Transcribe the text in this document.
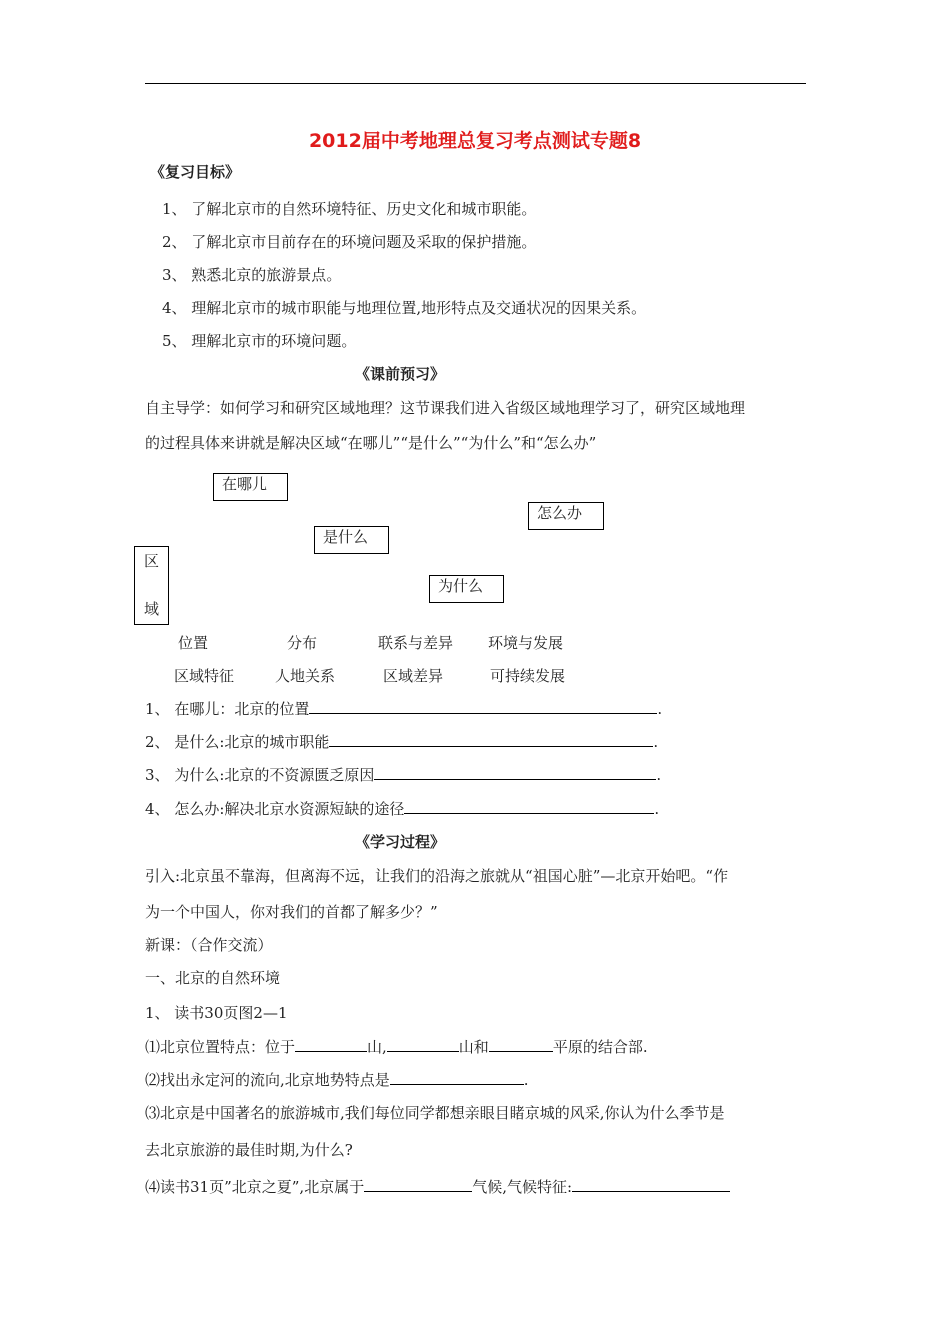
2012届中考地理总复习考点测试专题8
《复习目标》
1、 了解北京市的自然环境特征、历史文化和城市职能。
2、 了解北京市目前存在的环境问题及采取的保护措施。
3、 熟悉北京的旅游景点。
4、 理解北京市的城市职能与地理位置,地形特点及交通状况的因果关系。
5、 理解北京市的环境问题。
《课前预习》
自主导学：如何学习和研究区域地理？这节课我们进入省级区域地理学习了，研究区域地理
的过程具体来讲就是解决区域“在哪儿”“是什么”“为什么”和“怎么办”
在哪儿
怎么办
是什么
为什么
区
域
位置	分布	联系与差异 环境与发展
区域特征	人地关系	区域差异	可持续发展
1、 在哪儿：北京的位置	.
2、 是什么:北京的城市职能	.
3、 为什么:北京的不资源匮乏原因	.
4、 怎么办:解决北京水资源短缺的途径	.
《学习过程》
引入:北京虽不靠海，但离海不远，让我们的沿海之旅就从“祖国心脏”—北京开始吧。“作
为一个中国人，你对我们的首都了解多少？”
新课：（合作交流）
一、北京的自然环境
1、 读书30页图2—1
⑴北京位置特点：位于	山,	山和	平原的结合部.
⑵找出永定河的流向,北京地势特点是	.
⑶北京是中国著名的旅游城市,我们每位同学都想亲眼目睹京城的风采,你认为什么季节是
去北京旅游的最佳时期,为什么?
⑷读书31页”北京之夏”,北京属于	气候,气候特征:
